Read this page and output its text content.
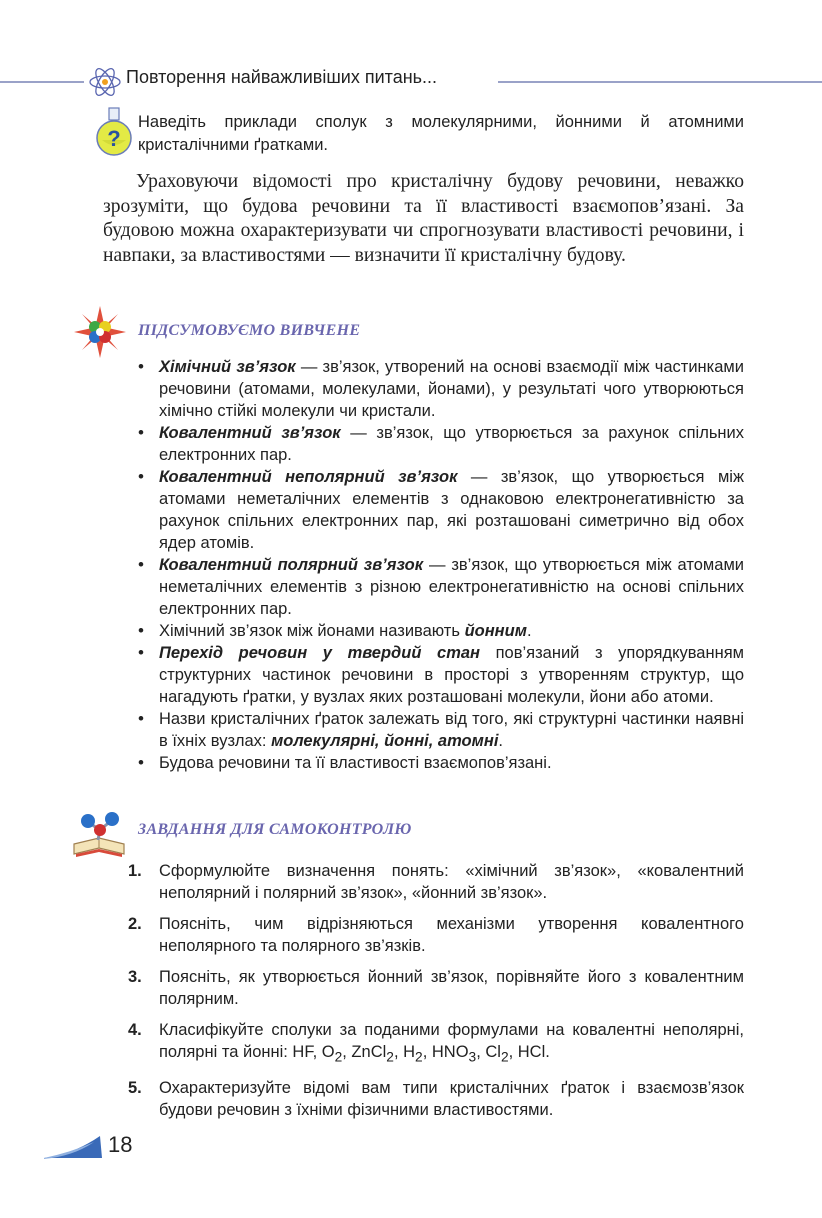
Повторення найважливіших питань...
?
Наведіть приклади сполук з молекулярними, йонними й атомними кристалічними ґратками.

Ураховуючи відомості про кристалічну будову речовини, неважко зрозуміти, що будова речовини та її властивості взаємопов’язані. За будовою можна охарактеризувати чи спрогнозувати властивості речовини, і навпаки, за властивостями — визначити її кристалічну будову.

ПІДСУМОВУЄМО ВИВЧЕНЕ
• Хімічний зв’язок — зв’язок, утворений на основі взаємодії між частинками речовини (атомами, молекулами, йонами), у результаті чого утворюються хімічно стійкі молекули чи кристали.
• Ковалентний зв’язок — зв’язок, що утворюється за рахунок спільних електронних пар.
• Ковалентний неполярний зв’язок — зв’язок, що утворюється між атомами неметалічних елементів з однаковою електронегативністю за рахунок спільних електронних пар, які розташовані симетрично від обох ядер атомів.
• Ковалентний полярний зв’язок — зв’язок, що утворюється між атомами неметалічних елементів з різною електронегативністю на основі спільних електронних пар.
• Хімічний зв’язок між йонами називають йонним.
• Перехід речовин у твердий стан пов’язаний з упорядкуванням структурних частинок речовини в просторі з утворенням структур, що нагадують ґратки, у вузлах яких розташовані молекули, йони або атоми.
• Назви кристалічних ґраток залежать від того, які структурні частинки наявні в їхніх вузлах: молекулярні, йонні, атомні.
• Будова речовини та її властивості взаємопов’язані.
ЗАВДАННЯ ДЛЯ САМОКОНТРОЛЮ
1. Сформулюйте визначення понять: «хімічний зв’язок», «ковалентний неполярний і полярний зв’язок», «йонний зв’язок».
2. Поясніть, чим відрізняються механізми утворення ковалентного неполярного та полярного зв’язків.
3. Поясніть, як утворюється йонний зв’язок, порівняйте його з ковалентним полярним.
4. Класифікуйте сполуки за поданими формулами на ковалентні неполярні, полярні та йонні: HF, $O_2$, ZnCl$_2$, $H_2$, $HNO_3$, $Cl_2$, HCl.
5. Охарактеризуйте відомі вам типи кристалічних ґраток і взаємозв’язок будови речовин з їхніми фізичними властивостями.
18
